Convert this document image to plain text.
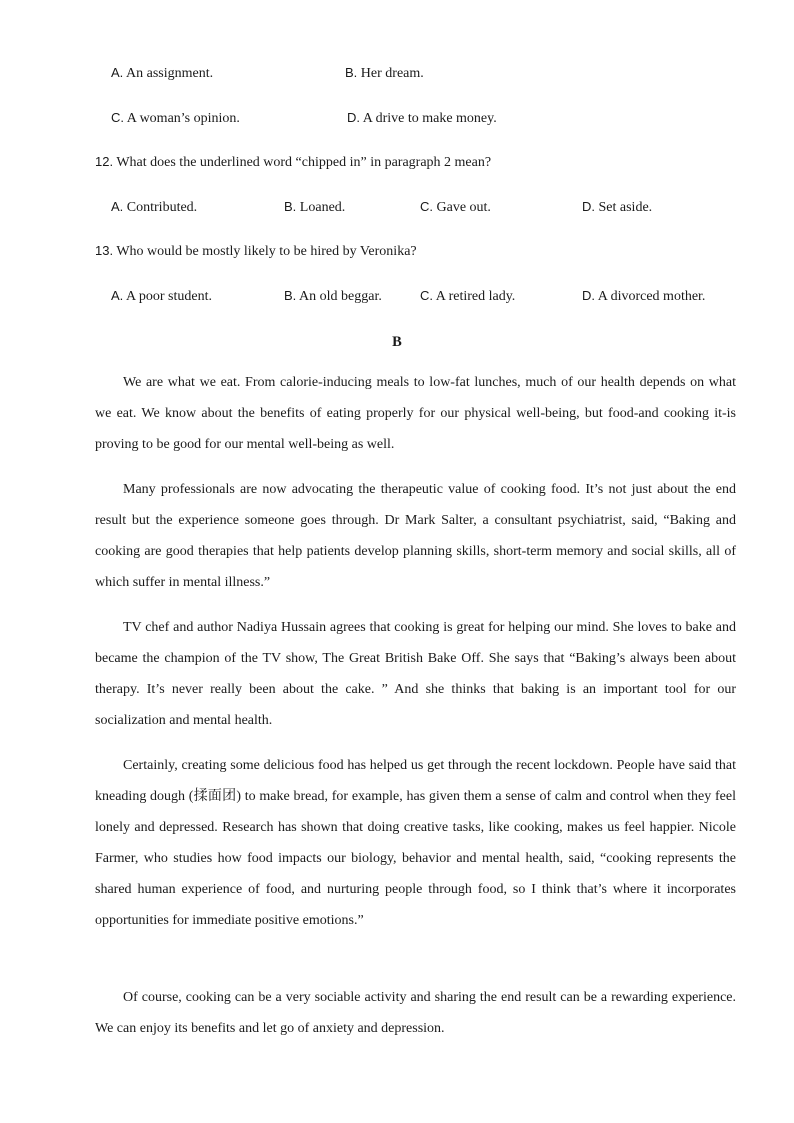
A. An assignment.	B. Her dream.
C. A woman’s opinion.	D. A drive to make money.
12. What does the underlined word “chipped in” in paragraph 2 mean?
A. Contributed.	B. Loaned.	C. Gave out.	D. Set aside.
13. Who would be mostly likely to be hired by Veronika?
A. A poor student.	B. An old beggar.	C. A retired lady.	D. A divorced mother.
B

We are what we eat. From calorie-inducing meals to low-fat lunches, much of our health depends on what we eat. We know about the benefits of eating properly for our physical well-being, but food-and cooking it-is proving to be good for our mental well-being as well.

Many professionals are now advocating the therapeutic value of cooking food. It’s not just about the end result but the experience someone goes through. Dr Mark Salter, a consultant psychiatrist, said, “Baking and cooking are good therapies that help patients develop planning skills, short-term memory and social skills, all of which suffer in mental illness.”

TV chef and author Nadiya Hussain agrees that cooking is great for helping our mind. She loves to bake and became the champion of the TV show, The Great British Bake Off. She says that “Baking’s always been about therapy. It’s never really been about the cake. ” And she thinks that baking is an important tool for our socialization and mental health.

Certainly, creating some delicious food has helped us get through the recent lockdown. People have said that kneading dough (揉面团) to make bread, for example, has given them a sense of calm and control when they feel lonely and depressed. Research has shown that doing creative tasks, like cooking, makes us feel happier. Nicole Farmer, who studies how food impacts our biology, behavior and mental health, said, “cooking represents the shared human experience of food, and nurturing people through food, so I think that’s where it incorporates opportunities for immediate positive emotions.”

Of course, cooking can be a very sociable activity and sharing the end result can be a rewarding experience. We can enjoy its benefits and let go of anxiety and depression.
